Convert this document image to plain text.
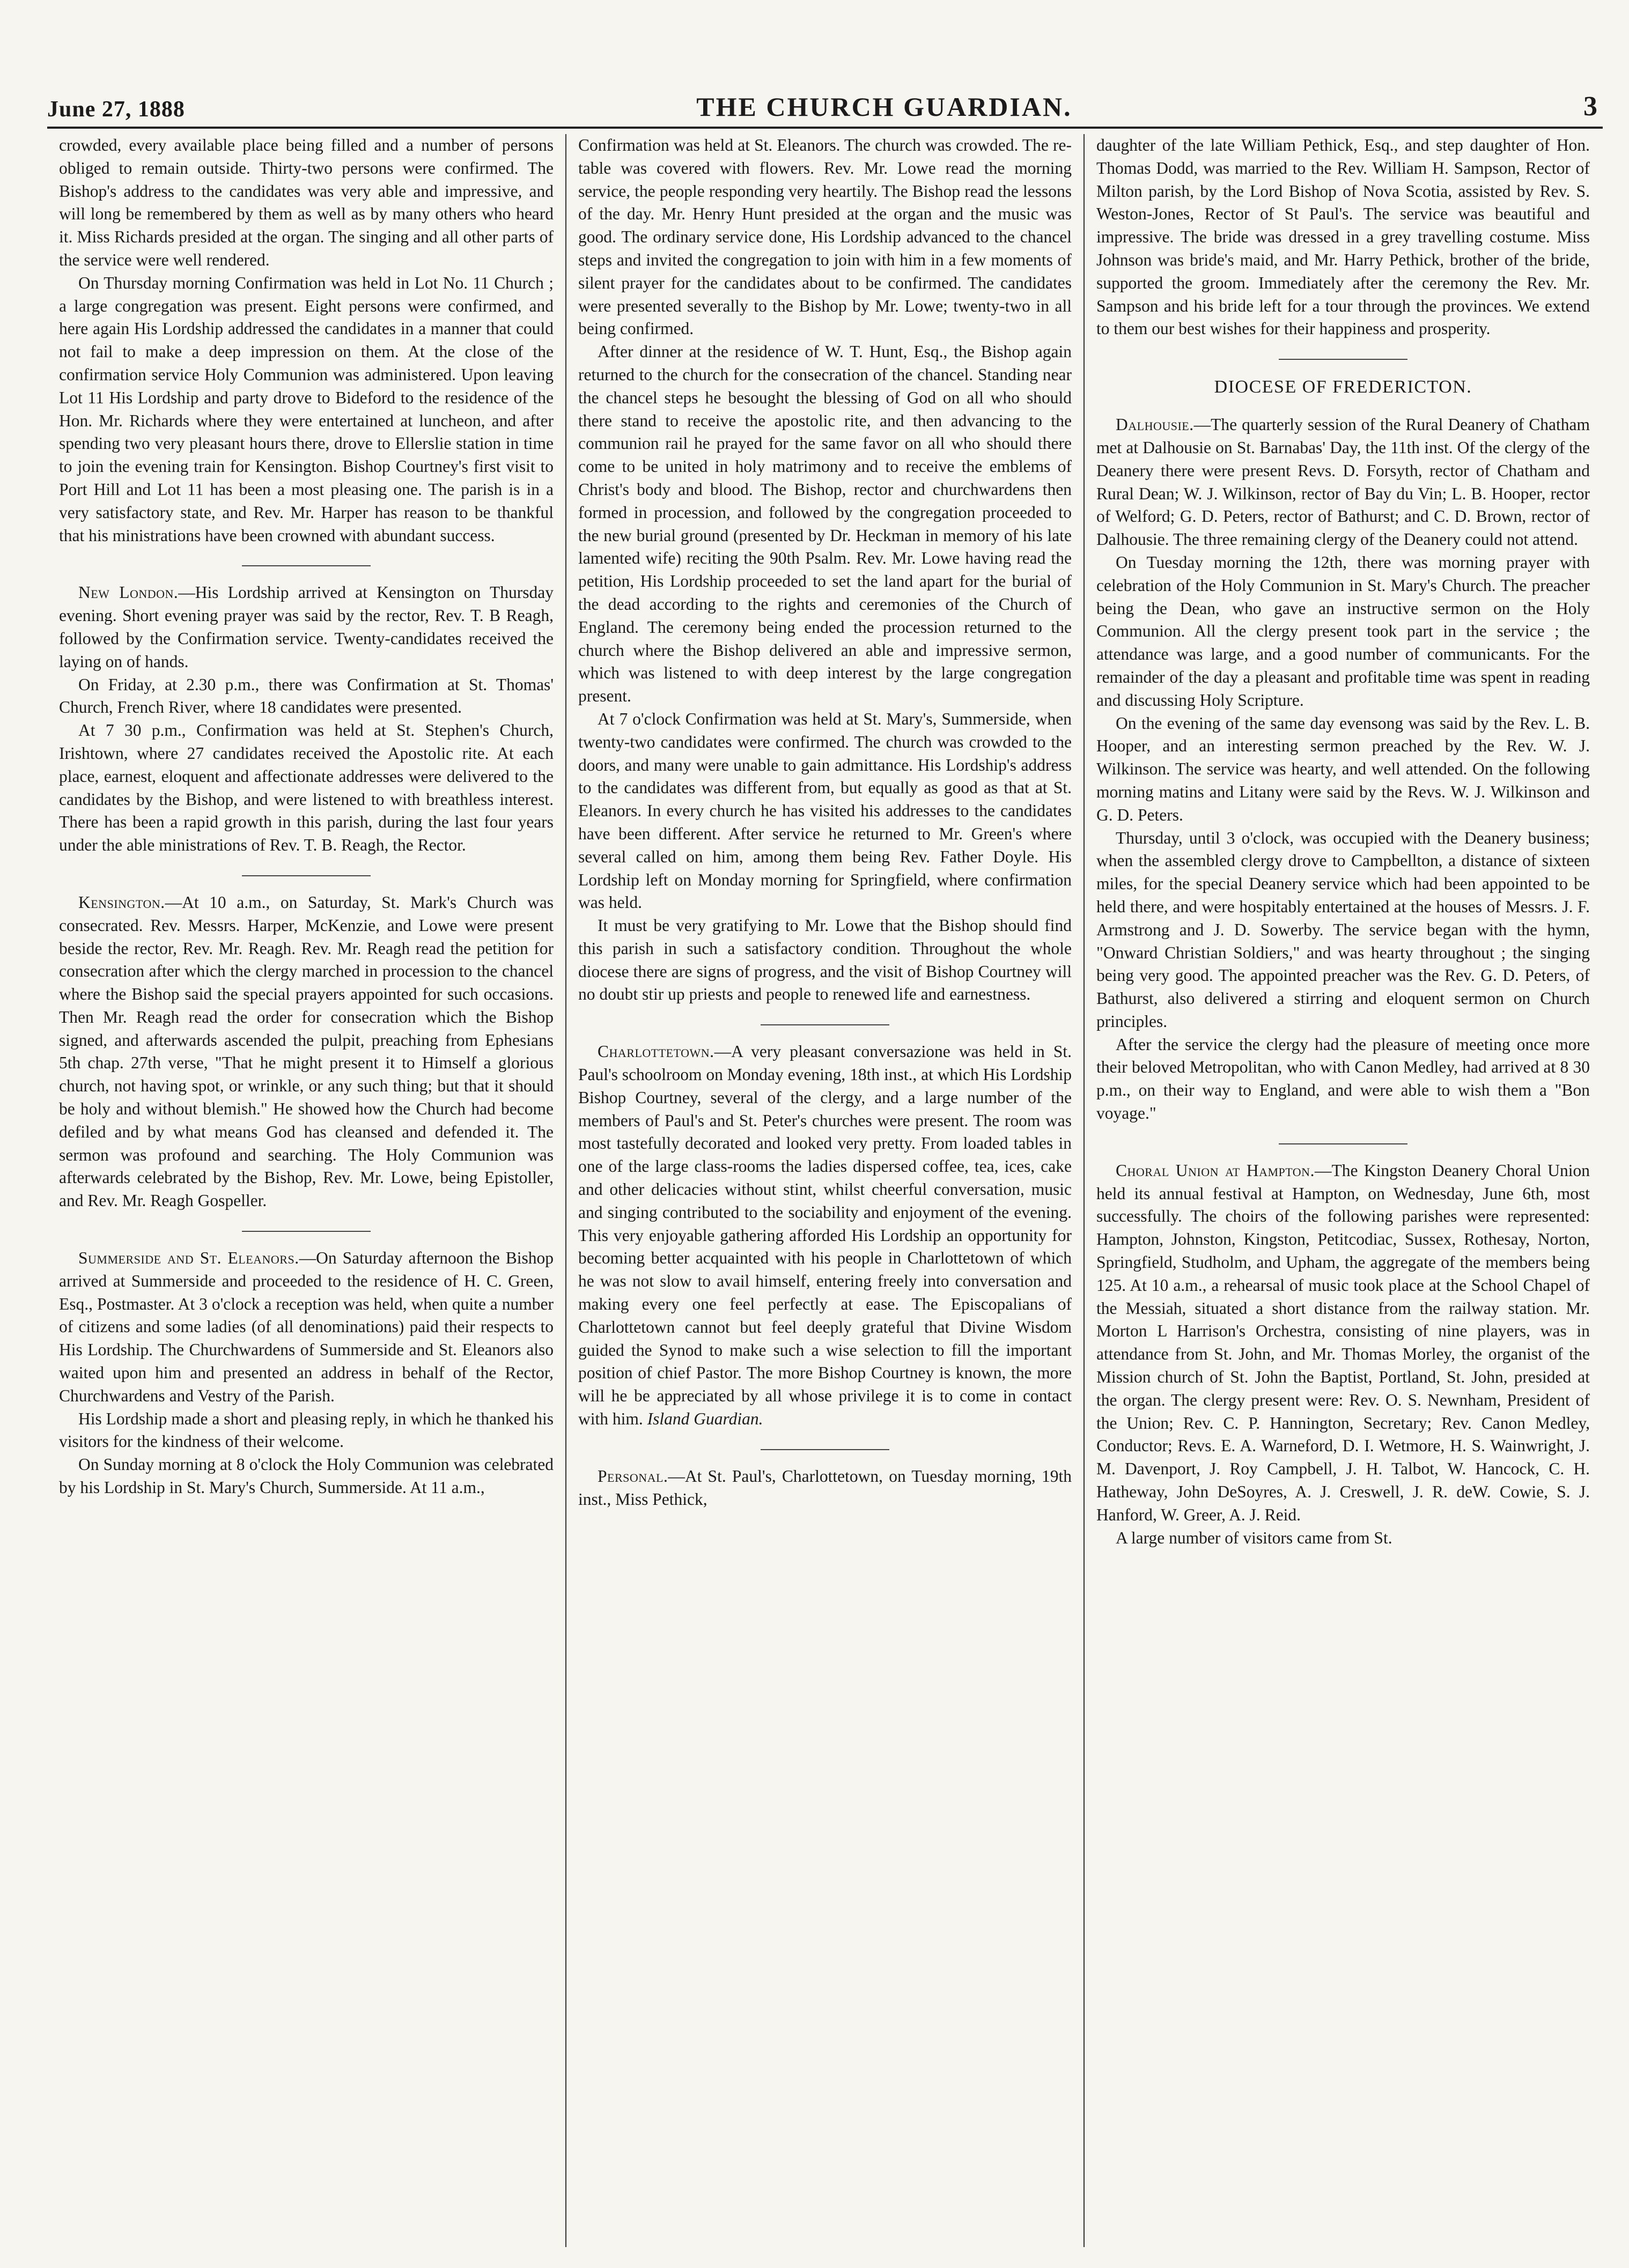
June 27, 1888	THE CHURCH GUARDIAN.	3

crowded, every available place being filled and a number of persons obliged to remain outside. Thirty-two persons were confirmed. The Bishop's address to the candidates was very able and impressive, and will long be remembered by them as well as by many others who heard it. Miss Richards presided at the organ. The singing and all other parts of the service were well rendered.

On Thursday morning Confirmation was held in Lot No. 11 Church ; a large congregation was present. Eight persons were confirmed, and here again His Lordship addressed the candidates in a manner that could not fail to make a deep impression on them. At the close of the confirmation service Holy Communion was administered. Upon leaving Lot 11 His Lordship and party drove to Bideford to the residence of the Hon. Mr. Richards where they were entertained at luncheon, and after spending two very pleasant hours there, drove to Ellerslie station in time to join the evening train for Kensington. Bishop Courtney's first visit to Port Hill and Lot 11 has been a most pleasing one. The parish is in a very satisfactory state, and Rev. Mr. Harper has reason to be thankful that his ministrations have been crowned with abundant success.

New London.—His Lordship arrived at Kensington on Thursday evening. Short evening prayer was said by the rector, Rev. T. B Reagh, followed by the Confirmation service. Twenty-candidates received the laying on of hands.

On Friday, at 2.30 p.m., there was Confirmation at St. Thomas' Church, French River, where 18 candidates were presented.

At 7 30 p.m., Confirmation was held at St. Stephen's Church, Irishtown, where 27 candidates received the Apostolic rite. At each place, earnest, eloquent and affectionate addresses were delivered to the candidates by the Bishop, and were listened to with breathless interest. There has been a rapid growth in this parish, during the last four years under the able ministrations of Rev. T. B. Reagh, the Rector.

Kensington.—At 10 a.m., on Saturday, St. Mark's Church was consecrated. Rev. Messrs. Harper, McKenzie, and Lowe were present beside the rector, Rev. Mr. Reagh. Rev. Mr. Reagh read the petition for consecration after which the clergy marched in procession to the chancel where the Bishop said the special prayers appointed for such occasions. Then Mr. Reagh read the order for consecration which the Bishop signed, and afterwards ascended the pulpit, preaching from Ephesians 5th chap. 27th verse, "That he might present it to Himself a glorious church, not having spot, or wrinkle, or any such thing; but that it should be holy and without blemish." He showed how the Church had become defiled and by what means God has cleansed and defended it. The sermon was profound and searching. The Holy Communion was afterwards celebrated by the Bishop, Rev. Mr. Lowe, being Epistoller, and Rev. Mr. Reagh Gospeller.

Summerside and St. Eleanors.—On Saturday afternoon the Bishop arrived at Summerside and proceeded to the residence of H. C. Green, Esq., Postmaster. At 3 o'clock a reception was held, when quite a number of citizens and some ladies (of all denominations) paid their respects to His Lordship. The Churchwardens of Summerside and St. Eleanors also waited upon him and presented an address in behalf of the Rector, Churchwardens and Vestry of the Parish.

His Lordship made a short and pleasing reply, in which he thanked his visitors for the kindness of their welcome.

On Sunday morning at 8 o'clock the Holy Communion was celebrated by his Lordship in St. Mary's Church, Summerside. At 11 a.m.,

Confirmation was held at St. Eleanors. The church was crowded. The re-table was covered with flowers. Rev. Mr. Lowe read the morning service, the people responding very heartily. The Bishop read the lessons of the day. Mr. Henry Hunt presided at the organ and the music was good. The ordinary service done, His Lordship advanced to the chancel steps and invited the congregation to join with him in a few moments of silent prayer for the candidates about to be confirmed. The candidates were presented severally to the Bishop by Mr. Lowe; twenty-two in all being confirmed.

After dinner at the residence of W. T. Hunt, Esq., the Bishop again returned to the church for the consecration of the chancel. Standing near the chancel steps he besought the blessing of God on all who should there stand to receive the apostolic rite, and then advancing to the communion rail he prayed for the same favor on all who should there come to be united in holy matrimony and to receive the emblems of Christ's body and blood. The Bishop, rector and churchwardens then formed in procession, and followed by the congregation proceeded to the new burial ground (presented by Dr. Heckman in memory of his late lamented wife) reciting the 90th Psalm. Rev. Mr. Lowe having read the petition, His Lordship proceeded to set the land apart for the burial of the dead according to the rights and ceremonies of the Church of England. The ceremony being ended the procession returned to the church where the Bishop delivered an able and impressive sermon, which was listened to with deep interest by the large congregation present.

At 7 o'clock Confirmation was held at St. Mary's, Summerside, when twenty-two candidates were confirmed. The church was crowded to the doors, and many were unable to gain admittance. His Lordship's address to the candidates was different from, but equally as good as that at St. Eleanors. In every church he has visited his addresses to the candidates have been different. After service he returned to Mr. Green's where several called on him, among them being Rev. Father Doyle. His Lordship left on Monday morning for Springfield, where confirmation was held.

It must be very gratifying to Mr. Lowe that the Bishop should find this parish in such a satisfactory condition. Throughout the whole diocese there are signs of progress, and the visit of Bishop Courtney will no doubt stir up priests and people to renewed life and earnestness.

Charlottetown.—A very pleasant conversazione was held in St. Paul's schoolroom on Monday evening, 18th inst., at which His Lordship Bishop Courtney, several of the clergy, and a large number of the members of Paul's and St. Peter's churches were present. The room was most tastefully decorated and looked very pretty. From loaded tables in one of the large class-rooms the ladies dispersed coffee, tea, ices, cake and other delicacies without stint, whilst cheerful conversation, music and singing contributed to the sociability and enjoyment of the evening. This very enjoyable gathering afforded His Lordship an opportunity for becoming better acquainted with his people in Charlottetown of which he was not slow to avail himself, entering freely into conversation and making every one feel perfectly at ease. The Episcopalians of Charlottetown cannot but feel deeply grateful that Divine Wisdom guided the Synod to make such a wise selection to fill the important position of chief Pastor. The more Bishop Courtney is known, the more will he be appreciated by all whose privilege it is to come in contact with him. Island Guardian.

Personal.—At St. Paul's, Charlottetown, on Tuesday morning, 19th inst., Miss Pethick,

daughter of the late William Pethick, Esq., and step daughter of Hon. Thomas Dodd, was married to the Rev. William H. Sampson, Rector of Milton parish, by the Lord Bishop of Nova Scotia, assisted by Rev. S. Weston-Jones, Rector of St Paul's. The service was beautiful and impressive. The bride was dressed in a grey travelling costume. Miss Johnson was bride's maid, and Mr. Harry Pethick, brother of the bride, supported the groom. Immediately after the ceremony the Rev. Mr. Sampson and his bride left for a tour through the provinces. We extend to them our best wishes for their happiness and prosperity.

DIOCESE OF FREDERICTON.

Dalhousie.—The quarterly session of the Rural Deanery of Chatham met at Dalhousie on St. Barnabas' Day, the 11th inst. Of the clergy of the Deanery there were present Revs. D. Forsyth, rector of Chatham and Rural Dean; W. J. Wilkinson, rector of Bay du Vin; L. B. Hooper, rector of Welford; G. D. Peters, rector of Bathurst; and C. D. Brown, rector of Dalhousie. The three remaining clergy of the Deanery could not attend.

On Tuesday morning the 12th, there was morning prayer with celebration of the Holy Communion in St. Mary's Church. The preacher being the Dean, who gave an instructive sermon on the Holy Communion. All the clergy present took part in the service ; the attendance was large, and a good number of communicants. For the remainder of the day a pleasant and profitable time was spent in reading and discussing Holy Scripture.

On the evening of the same day evensong was said by the Rev. L. B. Hooper, and an interesting sermon preached by the Rev. W. J. Wilkinson. The service was hearty, and well attended. On the following morning matins and Litany were said by the Revs. W. J. Wilkinson and G. D. Peters.

Thursday, until 3 o'clock, was occupied with the Deanery business; when the assembled clergy drove to Campbellton, a distance of sixteen miles, for the special Deanery service which had been appointed to be held there, and were hospitably entertained at the houses of Messrs. J. F. Armstrong and J. D. Sowerby. The service began with the hymn, "Onward Christian Soldiers," and was hearty throughout ; the singing being very good. The appointed preacher was the Rev. G. D. Peters, of Bathurst, also delivered a stirring and eloquent sermon on Church principles.

After the service the clergy had the pleasure of meeting once more their beloved Metropolitan, who with Canon Medley, had arrived at 8 30 p.m., on their way to England, and were able to wish them a "Bon voyage."

Choral Union at Hampton.—The Kingston Deanery Choral Union held its annual festival at Hampton, on Wednesday, June 6th, most successfully. The choirs of the following parishes were represented: Hampton, Johnston, Kingston, Petitcodiac, Sussex, Rothesay, Norton, Springfield, Studholm, and Upham, the aggregate of the members being 125. At 10 a.m., a rehearsal of music took place at the School Chapel of the Messiah, situated a short distance from the railway station. Mr. Morton L Harrison's Orchestra, consisting of nine players, was in attendance from St. John, and Mr. Thomas Morley, the organist of the Mission church of St. John the Baptist, Portland, St. John, presided at the organ. The clergy present were: Rev. O. S. Newnham, President of the Union; Rev. C. P. Hannington, Secretary; Rev. Canon Medley, Conductor; Revs. E. A. Warneford, D. I. Wetmore, H. S. Wainwright, J. M. Davenport, J. Roy Campbell, J. H. Talbot, W. Hancock, C. H. Hatheway, John DeSoyres, A. J. Creswell, J. R. deW. Cowie, S. J. Hanford, W. Greer, A. J. Reid.

A large number of visitors came from St.
